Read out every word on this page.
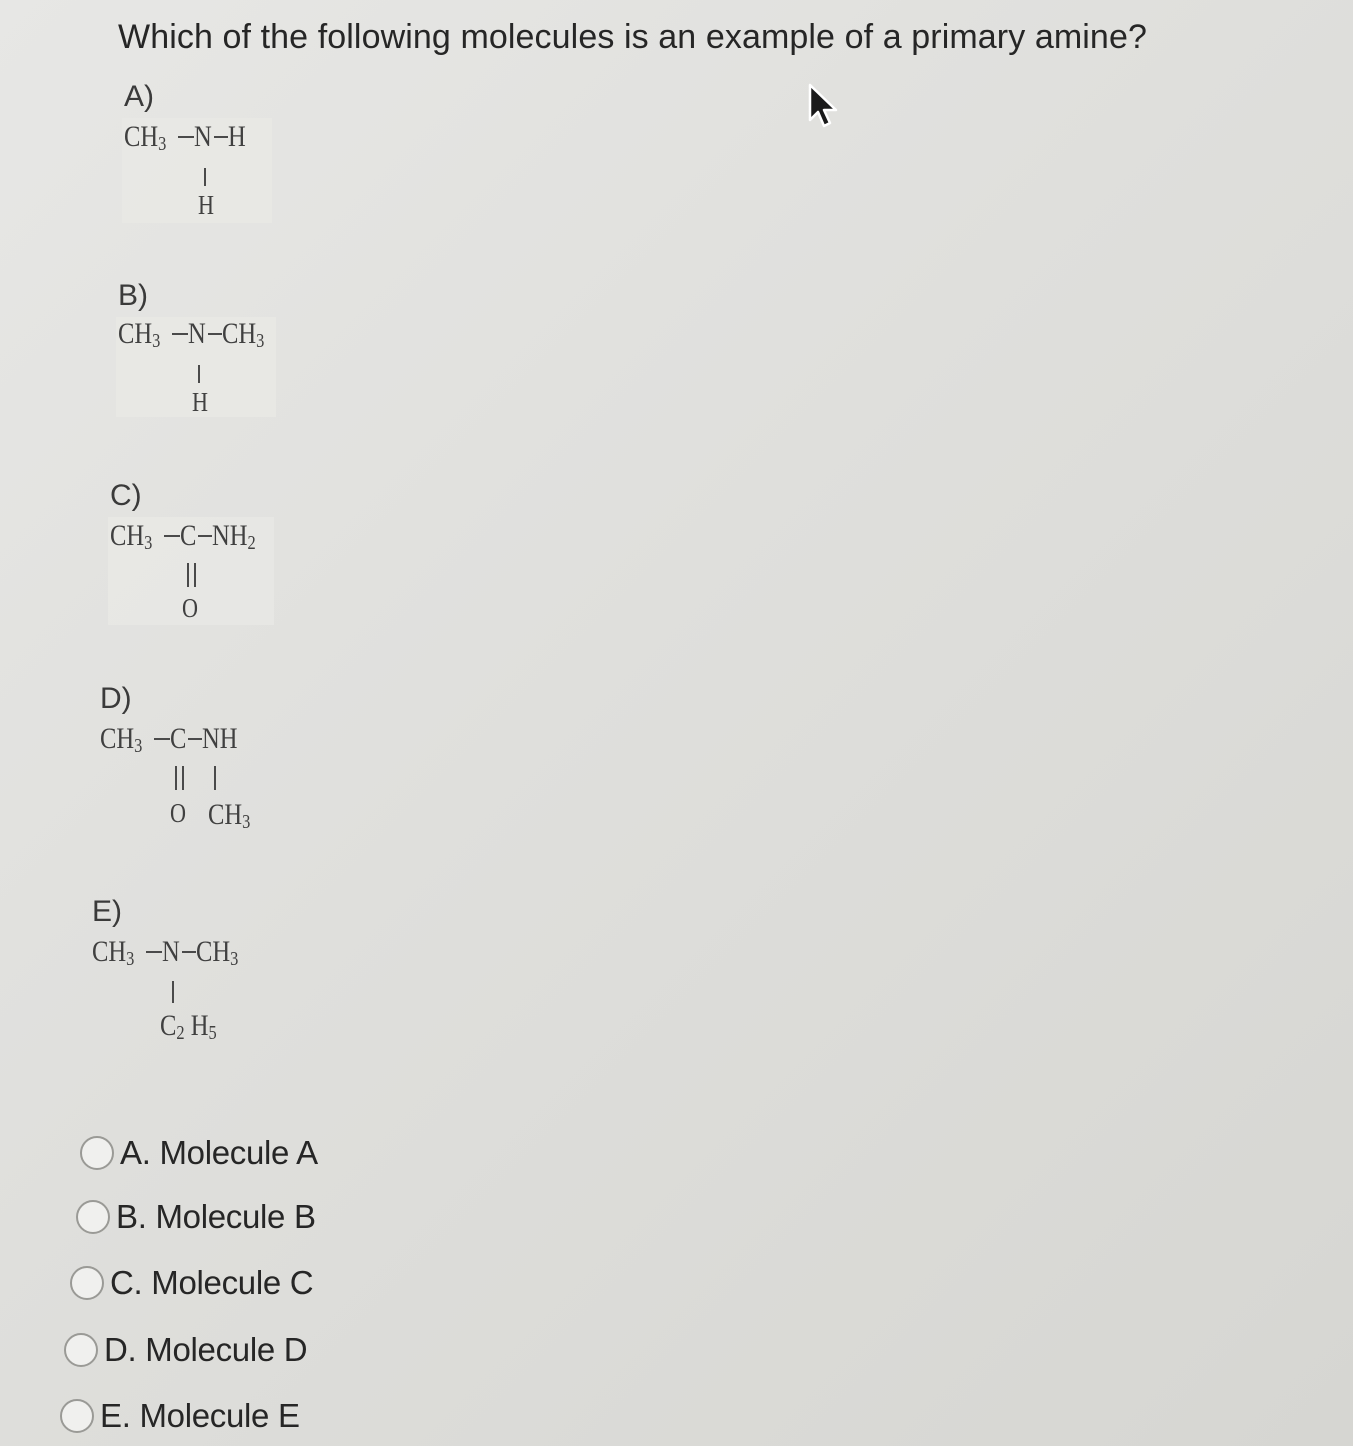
Which of the following molecules is an example of a primary amine?
A)
$CH_3$ N H
H
B)
$CH_3$ N $CH_3$
H
C)
$CH_3$ C $NH_2$
O
D)
$CH_3$ C NH
O $CH_3$
E)
$CH_3$ N $CH_3$
$C_2$ $H_5$
A. Molecule A
B. Molecule B
C. Molecule C
D. Molecule D
E. Molecule E
